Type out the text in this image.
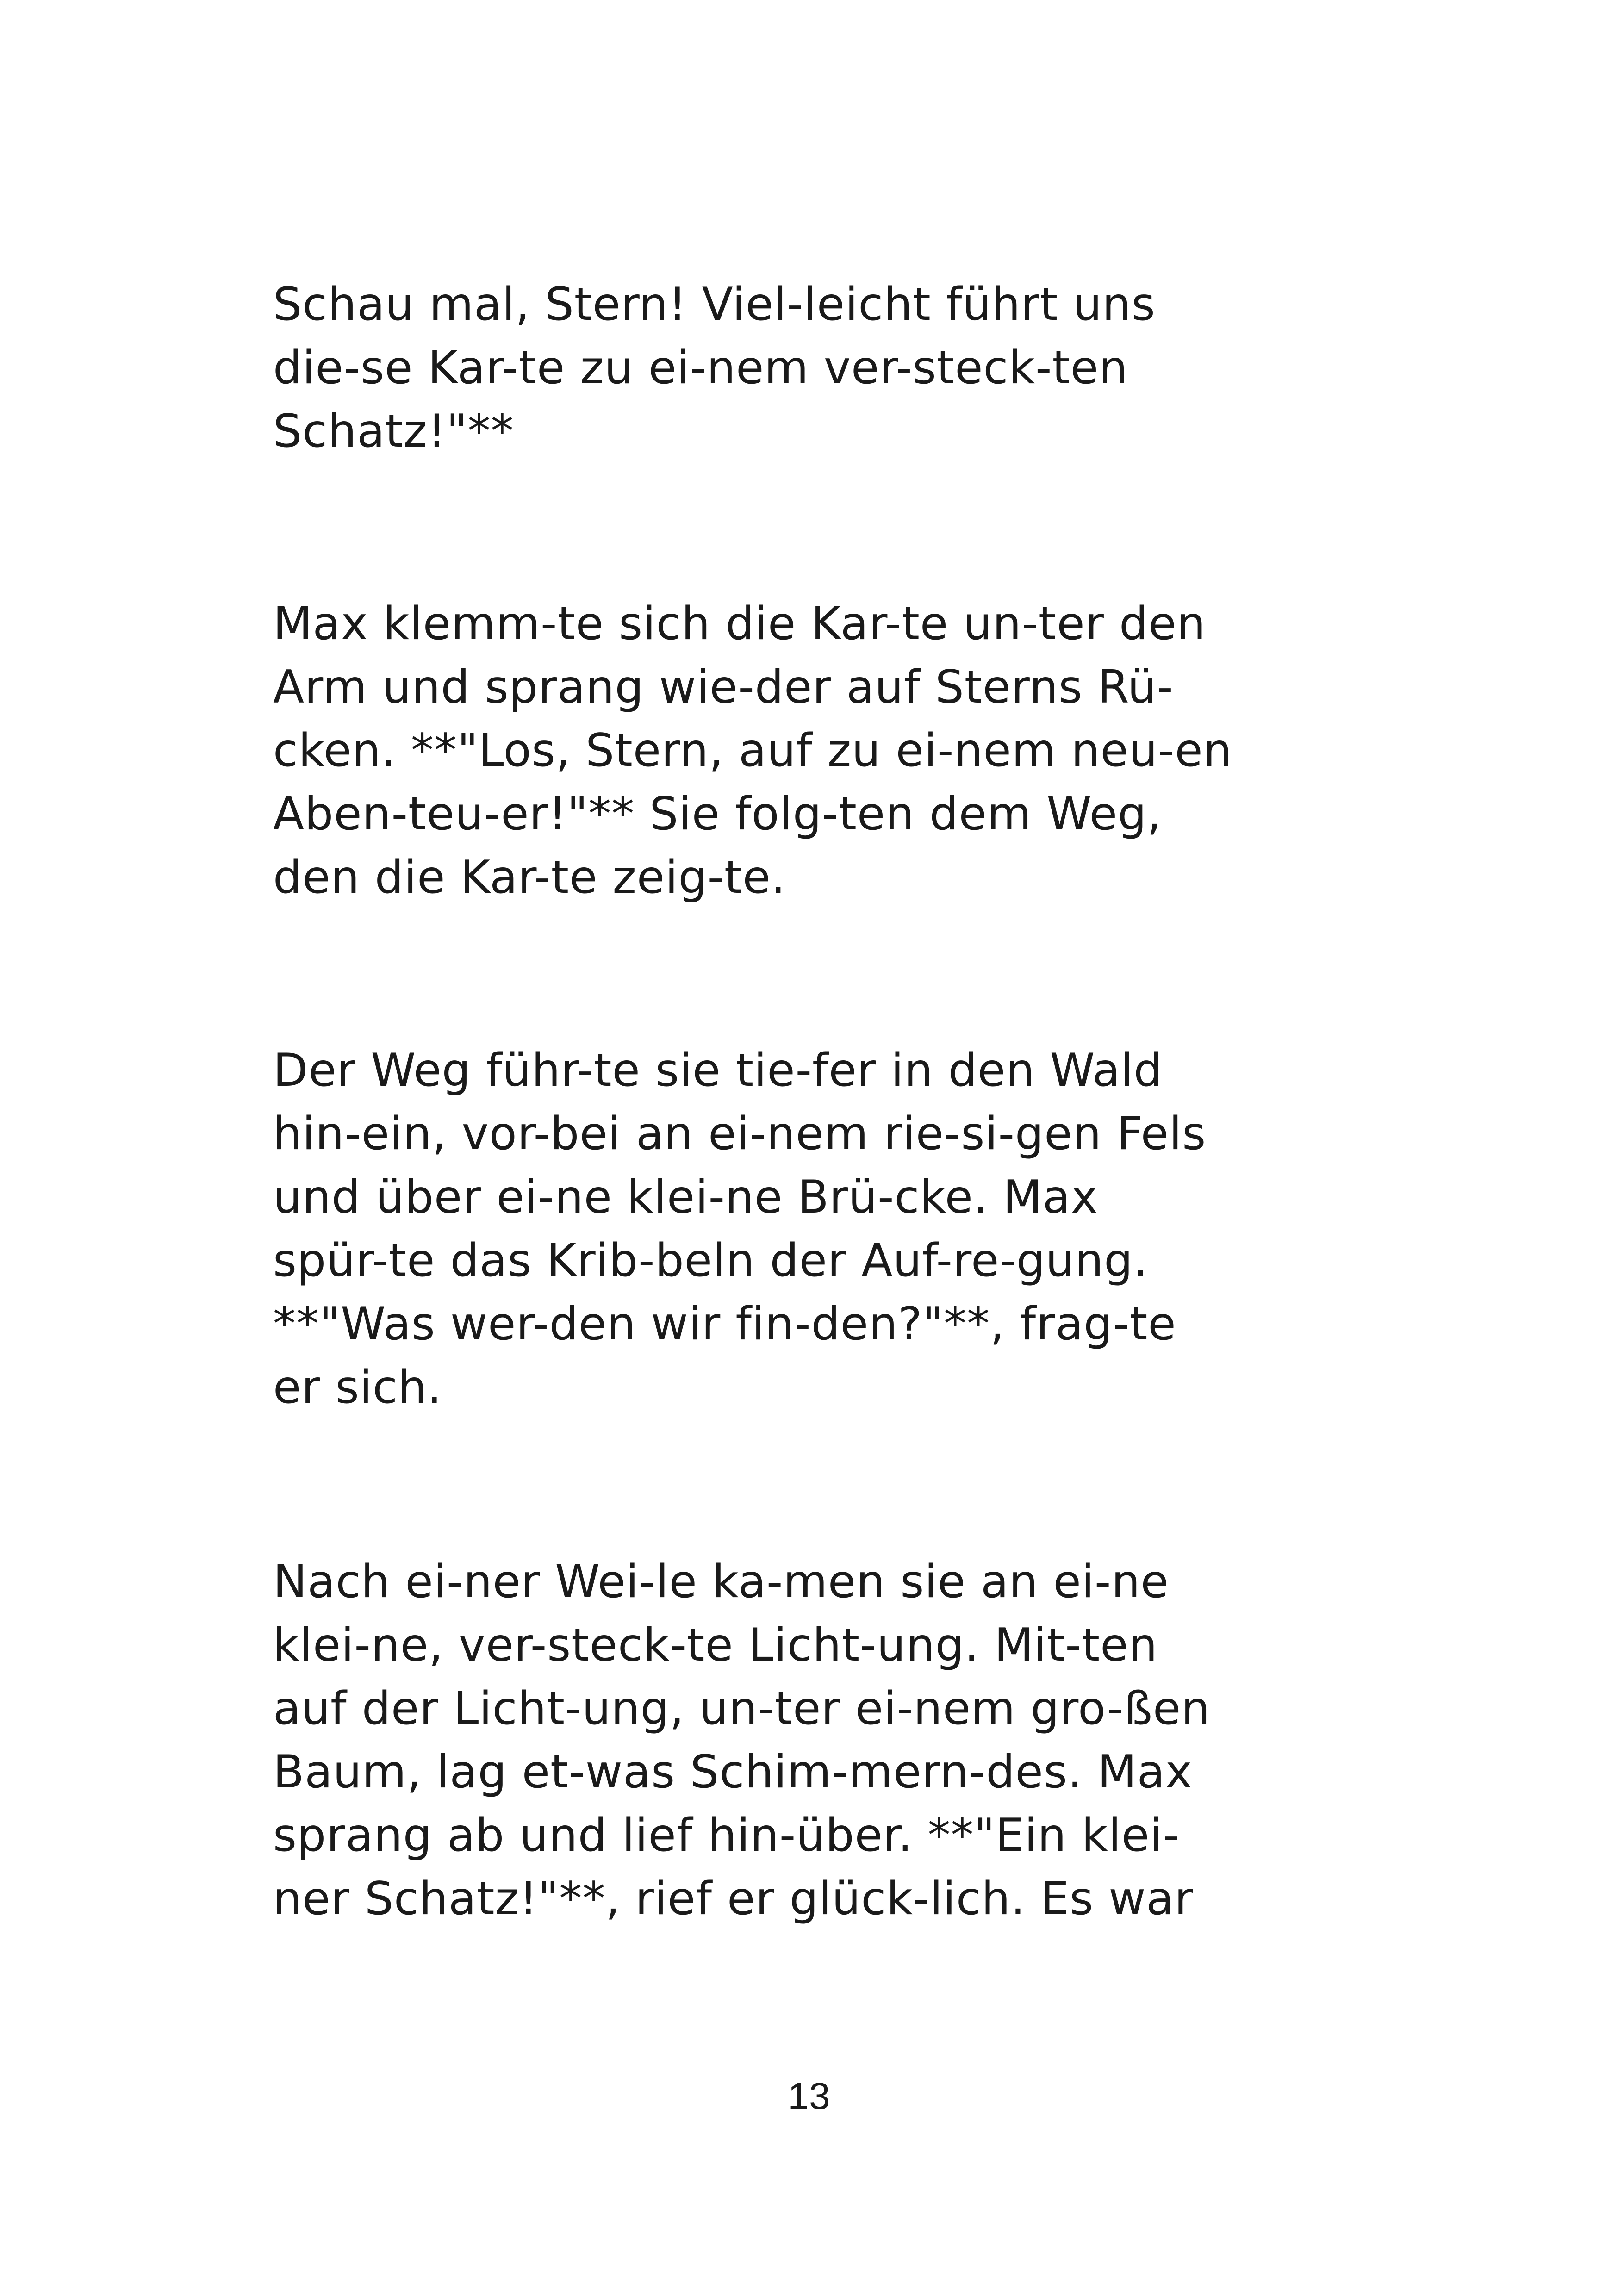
Schau mal, Stern! Viel-leicht führt uns
die-se Kar-te zu ei-nem ver-steck-ten
Schatz!"**
Max klemm-te sich die Kar-te un-ter den
Arm und sprang wie-der auf Sterns Rü-
cken. **"Los, Stern, auf zu ei-nem neu-en
Aben-teu-er!"** Sie folg-ten dem Weg,
den die Kar-te zeig-te.
Der Weg führ-te sie tie-fer in den Wald
hin-ein, vor-bei an ei-nem rie-si-gen Fels
und über ei-ne klei-ne Brü-cke. Max
spür-te das Krib-beln der Auf-re-gung.
**"Was wer-den wir fin-den?"**, frag-te
er sich.
Nach ei-ner Wei-le ka-men sie an ei-ne
klei-ne, ver-steck-te Licht-ung. Mit-ten
auf der Licht-ung, un-ter ei-nem gro-ßen
Baum, lag et-was Schim-mern-des. Max
sprang ab und lief hin-über. **"Ein klei-
ner Schatz!"**, rief er glück-lich. Es war
13
